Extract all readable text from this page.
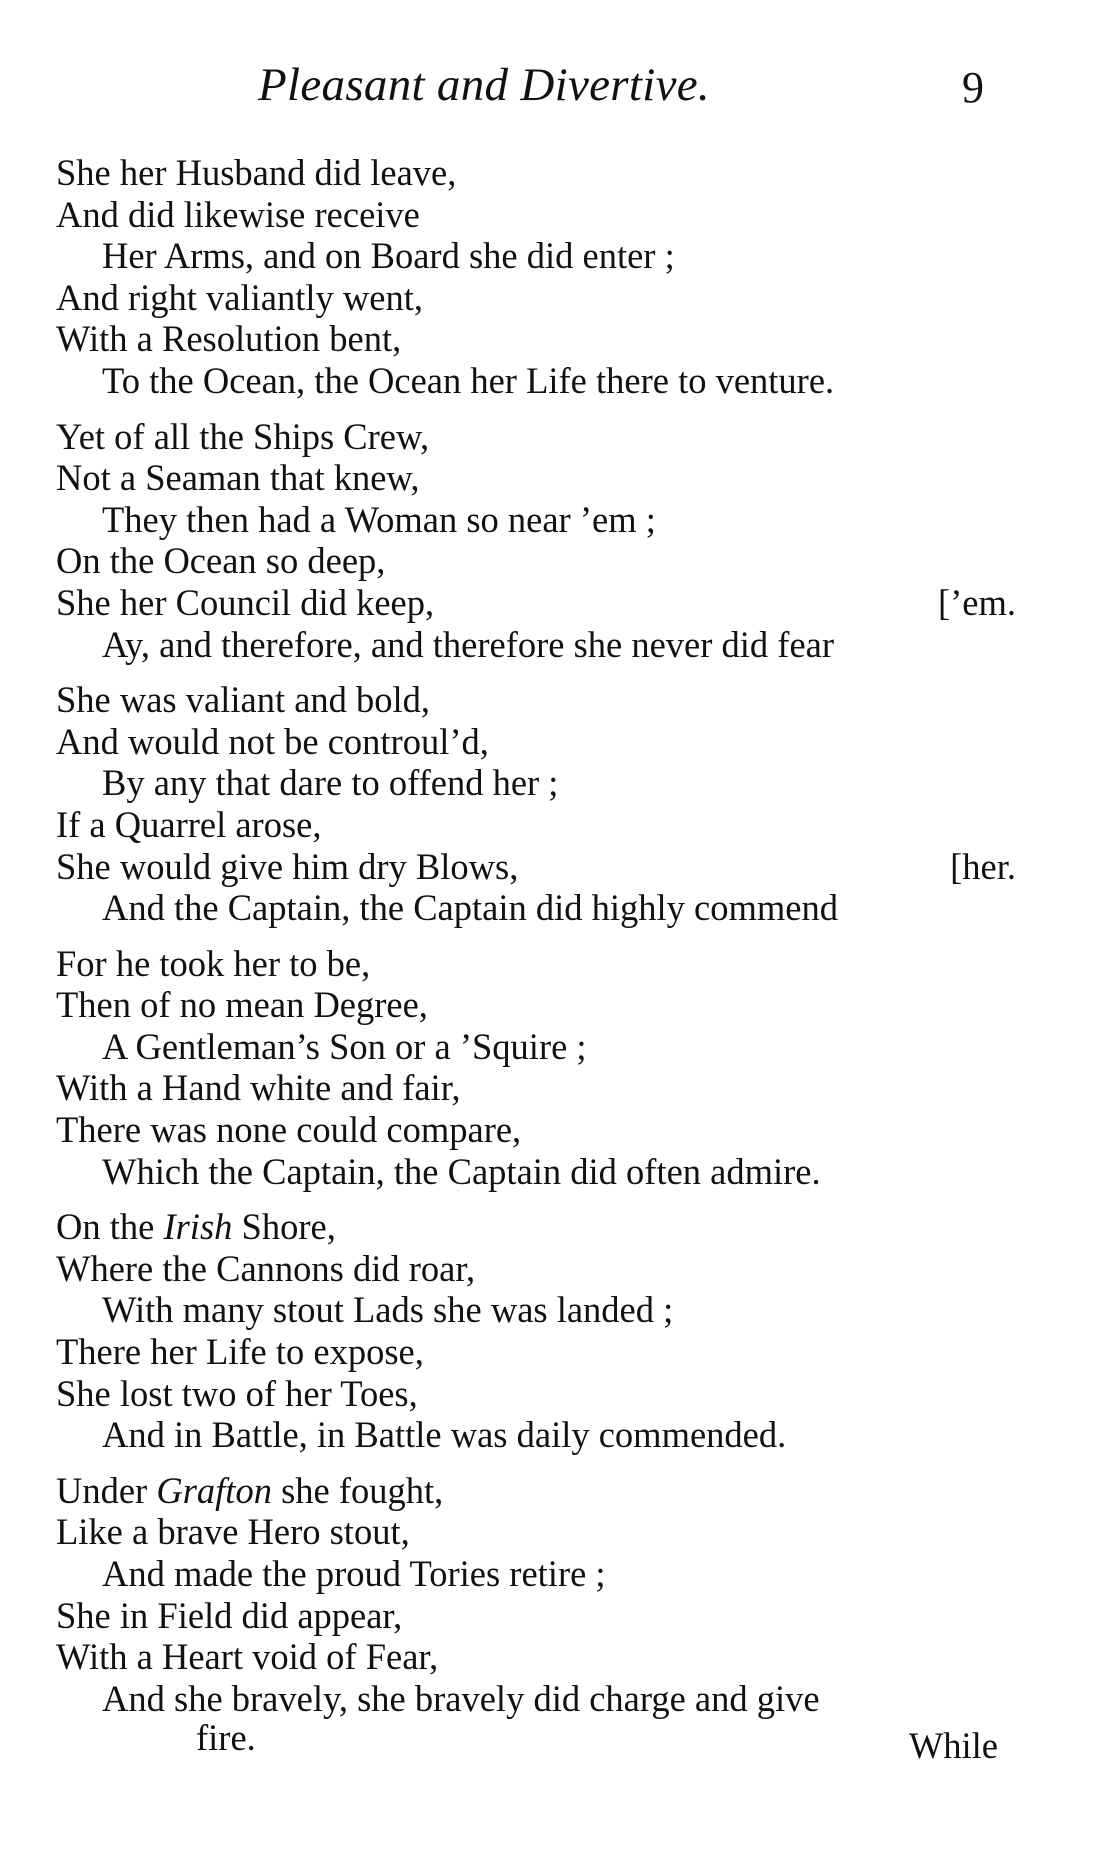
Pleasant and Divertive.	9
She her Husband did leave,
And did likewise receive
Her Arms, and on Board she did enter ;
And right valiantly went,
With a Resolution bent,
To the Ocean, the Ocean her Life there to venture.
Yet of all the Ships Crew,
Not a Seaman that knew,
They then had a Woman so near ’em ;
On the Ocean so deep,
She her Council did keep,	[’em.
Ay, and therefore, and therefore she never did fear
She was valiant and bold,
And would not be controul’d,
By any that dare to offend her ;
If a Quarrel arose,
She would give him dry Blows,	[her.
And the Captain, the Captain did highly commend
For he took her to be,
Then of no mean Degree,
A Gentleman’s Son or a ’Squire ;
With a Hand white and fair,
There was none could compare,
Which the Captain, the Captain did often admire.
On the Irish Shore,
Where the Cannons did roar,
With many stout Lads she was landed ;
There her Life to expose,
She lost two of her Toes,
And in Battle, in Battle was daily commended.
Under Grafton she fought,
Like a brave Hero stout,
And made the proud Tories retire ;
She in Field did appear,
With a Heart void of Fear,
And she bravely, she bravely did charge and give
fire.	While
